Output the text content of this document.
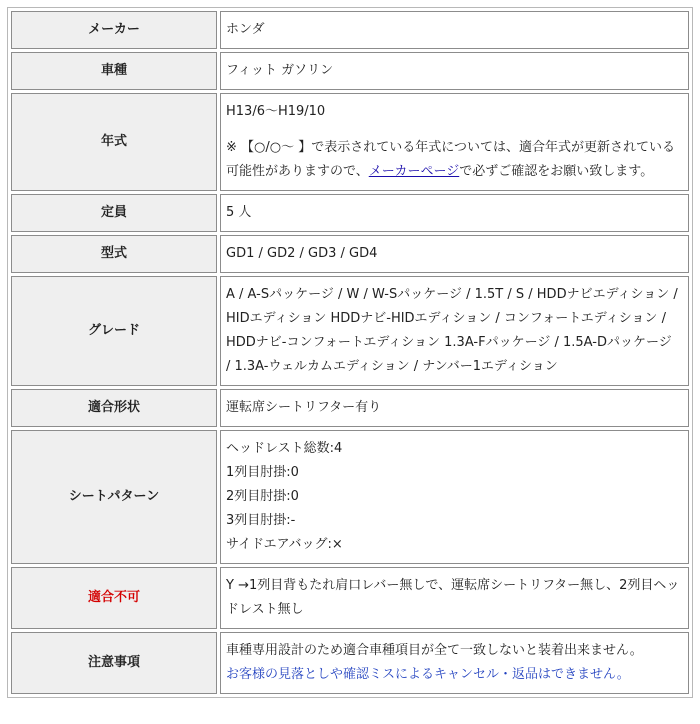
メーカー	ホンダ
車種	フィット ガソリン
年式	H13/6～H19/10
※ 【○/○～ 】で表示されている年式については、適合年式が更新されている可能性がありますので、メーカーページで必ずご確認をお願い致します。
定員	5 人
型式	GD1 / GD2 / GD3 / GD4
グレード	A / A-Sパッケージ / W / W-Sパッケージ / 1.5T / S / HDDナビエディション / HIDエディション HDDナビ-HIDエディション / コンフォートエディション / HDDナビ-コンフォートエディション 1.3A-Fパッケージ / 1.5A-Dパッケージ / 1.3A-ウェルカムエディション / ナンバー1エディション
適合形状	運転席シートリフター有り
シートパターン	ヘッドレスト総数:4
1列目肘掛:0
2列目肘掛:0
3列目肘掛:-
サイドエアバッグ:×

適合不可	Y →1列目背もたれ肩口レバー無しで、運転席シートリフター無し、2列目ヘッドレスト無し
注意事項	車種専用設計のため適合車種項目が全て一致しないと装着出来ません。
お客様の見落としや確認ミスによるキャンセル・返品はできません。
